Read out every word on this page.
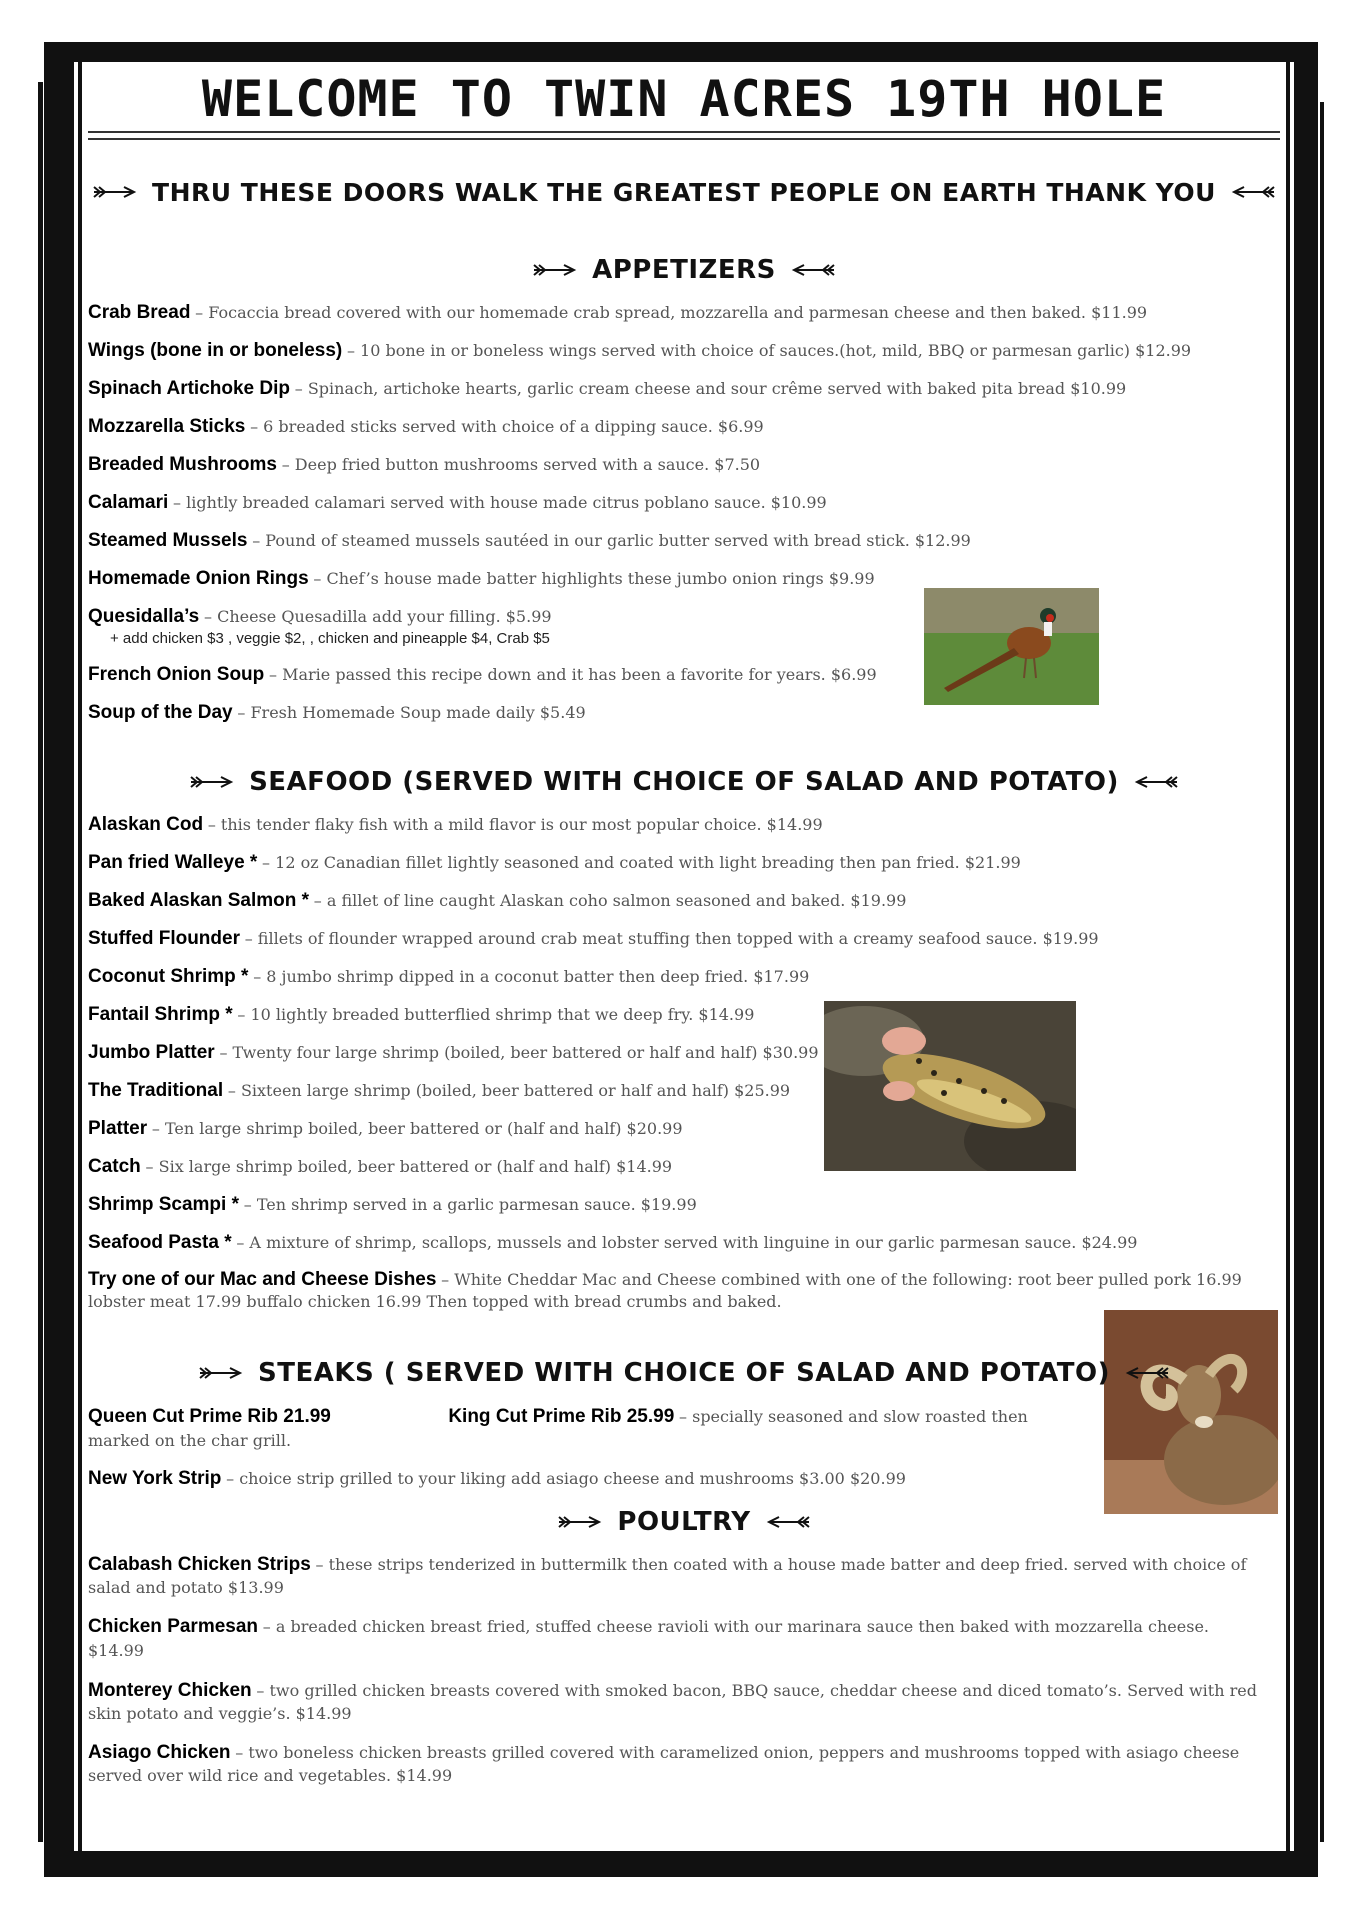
WELCOME TO TWIN ACRES 19TH HOLE
THRU THESE DOORS WALK THE GREATEST PEOPLE ON EARTH THANK YOU
APPETIZERS
Crab Bread – Focaccia bread covered with our homemade crab spread, mozzarella and parmesan cheese and then baked. $11.99
Wings (bone in or boneless) – 10 bone in or boneless wings served with choice of sauces.(hot, mild, BBQ or parmesan garlic) $12.99
Spinach Artichoke Dip – Spinach, artichoke hearts, garlic cream cheese and sour crême served with baked pita bread $10.99
Mozzarella Sticks – 6 breaded sticks served with choice of a dipping sauce. $6.99
Breaded Mushrooms – Deep fried button mushrooms served with a sauce. $7.50
Calamari – lightly breaded calamari served with house made citrus poblano sauce. $10.99
Steamed Mussels – Pound of steamed mussels sautéed in our garlic butter served with bread stick. $12.99
Homemade Onion Rings – Chef’s house made batter highlights these jumbo onion rings $9.99
Quesidalla’s – Cheese Quesadilla add your filling. $5.99
+ add chicken $3 , veggie $2, , chicken and pineapple $4, Crab $5
French Onion Soup – Marie passed this recipe down and it has been a favorite for years. $6.99
Soup of the Day – Fresh Homemade Soup made daily $5.49
SEAFOOD (SERVED WITH CHOICE OF SALAD AND POTATO)
Alaskan Cod – this tender flaky fish with a mild flavor is our most popular choice. $14.99
Pan fried Walleye * – 12 oz Canadian fillet lightly seasoned and coated with light breading then pan fried. $21.99
Baked Alaskan Salmon * – a fillet of line caught Alaskan coho salmon seasoned and baked. $19.99
Stuffed Flounder – fillets of flounder wrapped around crab meat stuffing then topped with a creamy seafood sauce. $19.99
Coconut Shrimp * – 8 jumbo shrimp dipped in a coconut batter then deep fried. $17.99
Fantail Shrimp * – 10 lightly breaded butterflied shrimp that we deep fry. $14.99
Jumbo Platter – Twenty four large shrimp (boiled, beer battered or half and half) $30.99
The Traditional – Sixteen large shrimp (boiled, beer battered or half and half) $25.99
Platter – Ten large shrimp boiled, beer battered or (half and half) $20.99
Catch – Six large shrimp boiled, beer battered or (half and half) $14.99
Shrimp Scampi * – Ten shrimp served in a garlic parmesan sauce. $19.99
Seafood Pasta * – A mixture of shrimp, scallops, mussels and lobster served with linguine in our garlic parmesan sauce. $24.99
Try one of our Mac and Cheese Dishes – White Cheddar Mac and Cheese combined with one of the following: root beer pulled pork 16.99 lobster meat 17.99 buffalo chicken 16.99 Then topped with bread crumbs and baked.
STEAKS ( SERVED WITH CHOICE OF SALAD AND POTATO)
Queen Cut Prime Rib 21.99	King Cut Prime Rib 25.99 – specially seasoned and slow roasted then marked on the char grill.
New York Strip – choice strip grilled to your liking add asiago cheese and mushrooms $3.00 $20.99
POULTRY
Calabash Chicken Strips – these strips tenderized in buttermilk then coated with a house made batter and deep fried. served with choice of salad and potato $13.99
Chicken Parmesan – a breaded chicken breast fried, stuffed cheese ravioli with our marinara sauce then baked with mozzarella cheese. $14.99
Monterey Chicken – two grilled chicken breasts covered with smoked bacon, BBQ sauce, cheddar cheese and diced tomato’s. Served with red skin potato and veggie’s. $14.99
Asiago Chicken – two boneless chicken breasts grilled covered with caramelized onion, peppers and mushrooms topped with asiago cheese served over wild rice and vegetables. $14.99
